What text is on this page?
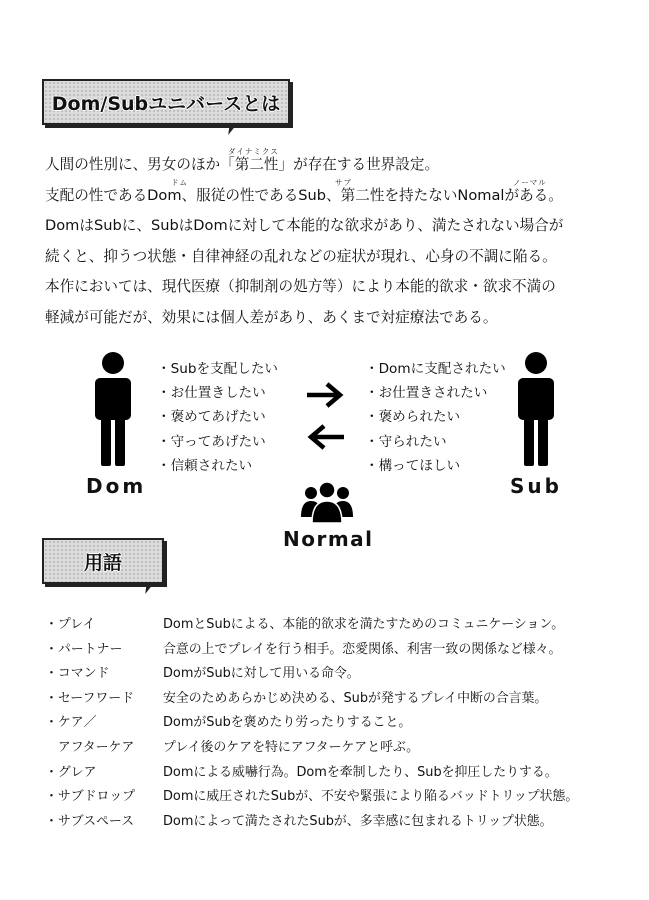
Dom/Subユニバースとは
ダイナミクス
人間の性別に、男女のほか「第二性」が存在する世界設定。
ドム	サブ	ノーマル
支配の性であるDom、服従の性であるSub、第二性を持たないNomalがある。
DomはSubに、SubはDomに対して本能的な欲求があり、満たされない場合が
続くと、抑うつ状態・自律神経の乱れなどの症状が現れ、心身の不調に陥る。
本作においては、現代医療（抑制剤の処方等）により本能的欲求・欲求不満の
軽減が可能だが、効果には個人差があり、あくまで対症療法である。
Dom
・Subを支配したい
・お仕置きしたい
・褒めてあげたい
・守ってあげたい
・信頼されたい
・Domに支配されたい
・お仕置きされたい
・褒められたい
・守られたい
・構ってほしい
Sub
Normal
用語
・プレイ
・パートナー
・コマンド
・セーフワード
・ケア／
　アフターケア
・グレア
・サブドロップ
・サブスペース
DomとSubによる、本能的欲求を満たすためのコミュニケーション。
合意の上でプレイを行う相手。恋愛関係、利害一致の関係など様々。
DomがSubに対して用いる命令。
安全のためあらかじめ決める、Subが発するプレイ中断の合言葉。
DomがSubを褒めたり労ったりすること。
プレイ後のケアを特にアフターケアと呼ぶ。
Domによる威嚇行為。Domを牽制したり、Subを抑圧したりする。
Domに威圧されたSubが、不安や緊張により陥るバッドトリップ状態。
Domによって満たされたSubが、多幸感に包まれるトリップ状態。
